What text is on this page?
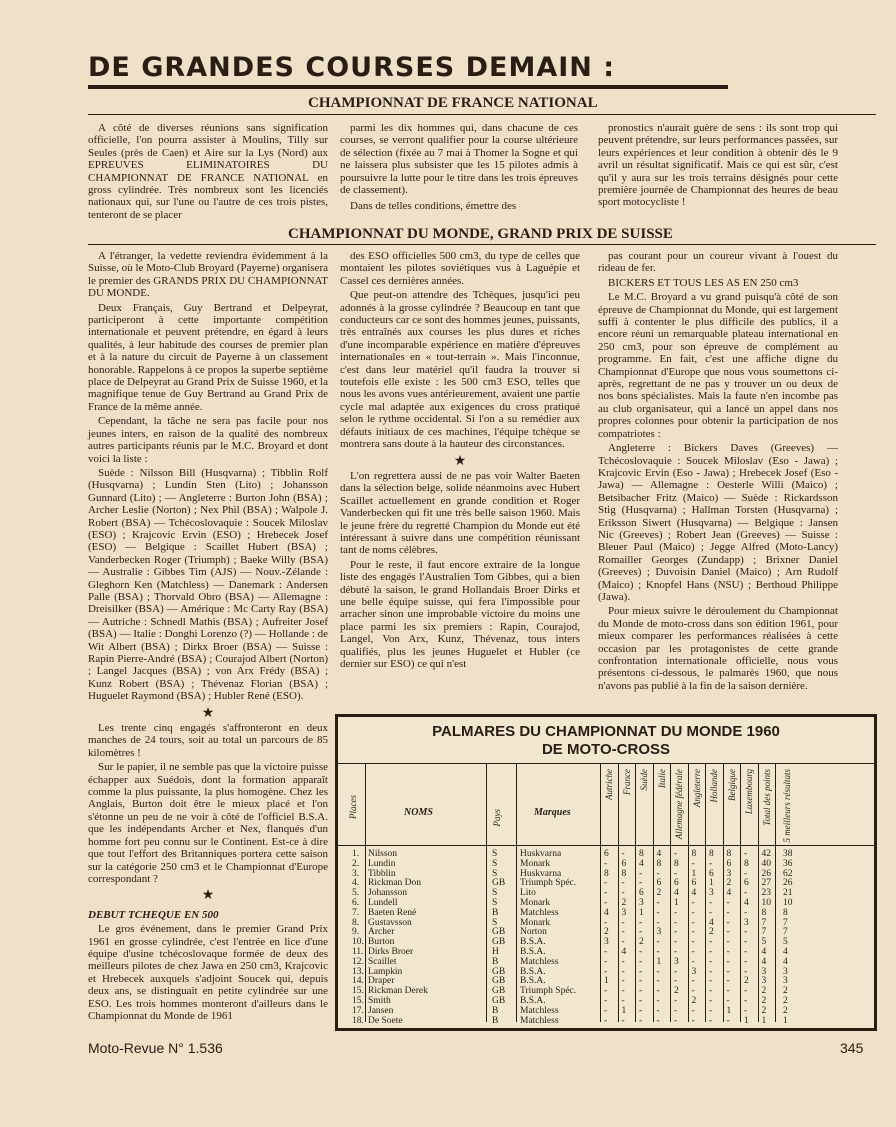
DE GRANDES COURSES DEMAIN :
CHAMPIONNAT DE FRANCE NATIONAL

A côté de diverses réunions sans signification officielle, l'on pourra assister à Moulins, Tilly sur Seules (près de Caen) et Aire sur la Lys (Nord) aux EPREUVES ELIMINATOIRES DU CHAMPIONNAT DE FRANCE NATIONAL en gross cylindrée. Très nombreux sont les licenciés nationaux qui, sur l'une ou l'autre de ces trois pistes, tenteront de se placer

parmi les dix hommes qui, dans chacune de ces courses, se verront qualifier pour la course ultérieure de sélection (fixée au 7 mai à Thomer la Sogne et qui ne laissera plus subsister que les 15 pilotes admis à poursuivre la lutte pour le titre dans les trois épreuves de classement).

Dans de telles conditions, émettre des

pronostics n'aurait guère de sens : ils sont trop qui peuvent prétendre, sur leurs performances passées, sur leurs expériences et leur condition à obtenir dès le 9 avril un résultat significatif. Mais ce qui est sûr, c'est qu'il y aura sur les trois terrains désignés pour cette première journée de Championnat des heures de beau sport motocycliste !

CHAMPIONNAT DU MONDE, GRAND PRIX DE SUISSE

A l'étranger, la vedette reviendra évidemment à la Suisse, où le Moto-Club Broyard (Payerne) organisera le premier des GRANDS PRIX DU CHAMPIONNAT DU MONDE.

Deux Français, Guy Bertrand et Delpeyrat, participeront à cette importante compétition internationale et peuvent prétendre, en égard à leurs qualités, à leur habitude des courses de premier plan et à la nature du circuit de Payerne à un classement honorable. Rappelons à ce propos la superbe septième place de Delpeyrat au Grand Prix de Suisse 1960, et la magnifique tenue de Guy Bertrand au Grand Prix de France de la même année.

Cependant, la tâche ne sera pas facile pour nos jeunes inters, en raison de la qualité des nombreux autres participants réunis par le M.C. Broyard et dont voici la liste :

Suède : Nilsson Bill (Husqvarna) ; Tibblin Rolf (Husqvarna) ; Lundin Sten (Lito) ; Johansson Gunnard (Lito) ; — Angleterre : Burton John (BSA) ; Archer Leslie (Norton) ; Nex Phil (BSA) ; Walpole J. Robert (BSA) — Tchécoslovaquie : Soucek Miloslav (ESO) ; Krajcovic Ervin (ESO) ; Hrebecek Josef (ESO) — Belgique : Scaillet Hubert (BSA) ; Vanderbecken Roger (Triumph) ; Baeke Willy (BSA) — Australie : Gibbes Tim (AJS) — Nouv.-Zélande : Gleghorn Ken (Matchless) — Danemark : Andersen Palle (BSA) ; Thorvald Obro (BSA) — Allemagne : Dreisilker (BSA) — Amérique : Mc Carty Ray (BSA) — Autriche : Schnedl Mathis (BSA) ; Aufreiter Josef (BSA) — Italie : Donghi Lorenzo (?) — Hollande : de Wit Albert (BSA) ; Dirkx Broer (BSA) — Suisse : Rapin Pierre-André (BSA) ; Courajod Albert (Norton) ; Langel Jacques (BSA) ; von Arx Frédy (BSA) ; Kunz Robert (BSA) ; Thévenaz Florian (BSA) ; Huguelet Raymond (BSA) ; Hubler René (ESO).

★

Les trente cinq engagés s'affronteront en deux manches de 24 tours, soit au total un parcours de 85 kilomètres !

Sur le papier, il ne semble pas que la victoire puisse échapper aux Suédois, dont la formation apparaît comme la plus puissante, la plus homogène. Chez les Anglais, Burton doit être le mieux placé et l'on s'étonne un peu de ne voir à côté de l'officiel B.S.A. que les indépendants Archer et Nex, flanqués d'un homme fort peu connu sur le Continent. Est-ce à dire que tout l'effort des Britanniques portera cette saison sur la catégorie 250 cm3 et le Championnat d'Europe correspondant ?

★

DEBUT TCHEQUE EN 500

Le gros événement, dans le premier Grand Prix 1961 en grosse cylindrée, c'est l'entrée en lice d'une équipe d'usine tchécoslovaque formée de deux des meilleurs pilotes de chez Jawa en 250 cm3, Krajcovic et Hrebecek auxquels s'adjoint Soucek qui, depuis deux ans, se distinguait en petite cylindrée sur une ESO. Les trois hommes monteront d'ailleurs dans le Championnat du Monde de 1961

des ESO officielles 500 cm3, du type de celles que montaient les pilotes soviétiques vus à Laguépie et Cassel ces dernières années.

Que peut-on attendre des Tchèques, jusqu'ici peu adonnés à la grosse cylindrée ? Beaucoup en tant que conducteurs car ce sont des hommes jeunes, puissants, très entraînés aux courses les plus dures et riches d'une incomparable expérience en matière d'épreuves internationales en « tout-terrain ». Mais l'inconnue, c'est dans leur matériel qu'il faudra la trouver si toutefois elle existe : les 500 cm3 ESO, telles que nous les avons vues antérieurement, avaient une partie cycle mal adaptée aux exigences du cross pratiqué selon le rythme occidental. Si l'on a su remédier aux défauts initiaux de ces machines, l'équipe tchèque se montrera sans doute à la hauteur des circonstances.

★

L'on regrettera aussi de ne pas voir Walter Baeten dans la sélection belge, solide néanmoins avec Hubert Scaillet actuellement en grande condition et Roger Vanderbecken qui fit une très belle saison 1960. Mais le jeune frère du regretté Champion du Monde eut été intéressant à suivre dans une compétition réunissant tant de noms célèbres.

Pour le reste, il faut encore extraire de la longue liste des engagés l'Australien Tom Gibbes, qui a bien débuté la saison, le grand Hollandais Broer Dirks et une belle équipe suisse, qui fera l'impossible pour arracher sinon une improbable victoire du moins une place parmi les six premiers : Rapin, Courajod, Langel, Von Arx, Kunz, Thévenaz, tous inters qualifiés, plus les jeunes Huguelet et Hubler (ce dernier sur ESO) ce qui n'est

pas courant pour un coureur vivant à l'ouest du rideau de fer.

BICKERS ET TOUS LES AS EN 250 cm3

Le M.C. Broyard a vu grand puisqu'à côté de son épreuve de Championnat du Monde, qui est largement suffi à contenter le plus difficile des publics, il a encore réuni un remarquable plateau international en 250 cm3, pour son épreuve de complément au programme. En fait, c'est une affiche digne du Championnat d'Europe que nous vous soumettons ci-après, regrettant de ne pas y trouver un ou deux de nos bons spécialistes. Mais la faute n'en incombe pas au club organisateur, qui a lancé un appel dans nos propres colonnes pour obtenir la participation de nos compatriotes :

Angleterre : Bickers Daves (Greeves) — Tchécoslovaquie : Soucek Miloslav (Eso - Jawa) ; Krajcovic Ervin (Eso - Jawa) ; Hrebecek Josef (Eso - Jawa) — Allemagne : Oesterle Willi (Maico) ; Betsibacher Fritz (Maico) — Suède : Rickardsson Stig (Husqvarna) ; Hallman Torsten (Husqvarna) ; Eriksson Siwert (Husqvarna) — Belgique : Jansen Nic (Greeves) ; Robert Jean (Greeves) — Suisse : Bleuer Paul (Maico) ; Jegge Alfred (Moto-Lancy) Romailler Georges (Zundapp) ; Brixner Daniel (Greeves) ; Duvoisin Daniel (Maico) ; Arn Rudolf (Maico) ; Knopfel Hans (NSU) ; Berthoud Philippe (Jawa).

Pour mieux suivre le déroulement du Championnat du Monde de moto-cross dans son édition 1961, pour mieux comparer les performances réalisées à cette occasion par les protagonistes de cette grande confrontation internationale officielle, nous vous présentons ci-dessous, le palmarès 1960, que nous n'avons pas publié à la fin de la saison dernière.

PALMARES DU CHAMPIONNAT DU MONDE 1960
DE MOTO-CROSS
Places	NOMS	Pays	Marques
Autriche France Suède Italie Allemagne fédérale Angleterre Hollande Belgique Luxembourg Total des points 5 meilleurs résultats
1. Nilsson	S Huskvarna	6 - 8 4 - 8 8 8 - 42 38
2. Lundin	S Monark	- 6 4 8 8 - - 6 8 40 36
3. Tibblin	S Huskvarna	8 8 - - - 1 6 3 - 26 62
4. Rickman Don	GB Triumph Spéc.	- - - 6 6 6 1 2 6 27 26
5. Johansson	S Lito	- - 6 2 4 4 3 4 - 23 21
6. Lundell	S Monark	- 2 3 - 1 - - - 4 10 10
7. Baeten René	B Matchless	4 3 1 - - - - - - 8 8
8. Gustavsson	S Monark	- - - - - - 4 - 3 7 7
9. Archer	GB Norton	2 - - 3 - - 2 - - 7 7
10. Burton	GB B.S.A.	3 - 2 - - - - - - 5 5
11. Dirks Broer	H B.S.A.	- 4 - - - - - - - 4 4
12. Scaillet	B Matchless	- - - 1 3 - - - - 4 4
13. Lampkin	GB B.S.A.	- - - - - 3 - - - 3 3
14. Draper	GB B.S.A.	1 - - - - - - - 2 3 3
15. Rickman Derek	GB Triumph Spéc.	- - - - 2 - - - - 2 2
15. Smith	GB B.S.A.	- - - - - 2 - - - 2 2
17. Jansen	B Matchless	- 1 - - - - - 1 - 2 2
18. De Soete	B Matchless	- - - - - - - - 1 1 1
Moto-Revue N° 1.536	345
